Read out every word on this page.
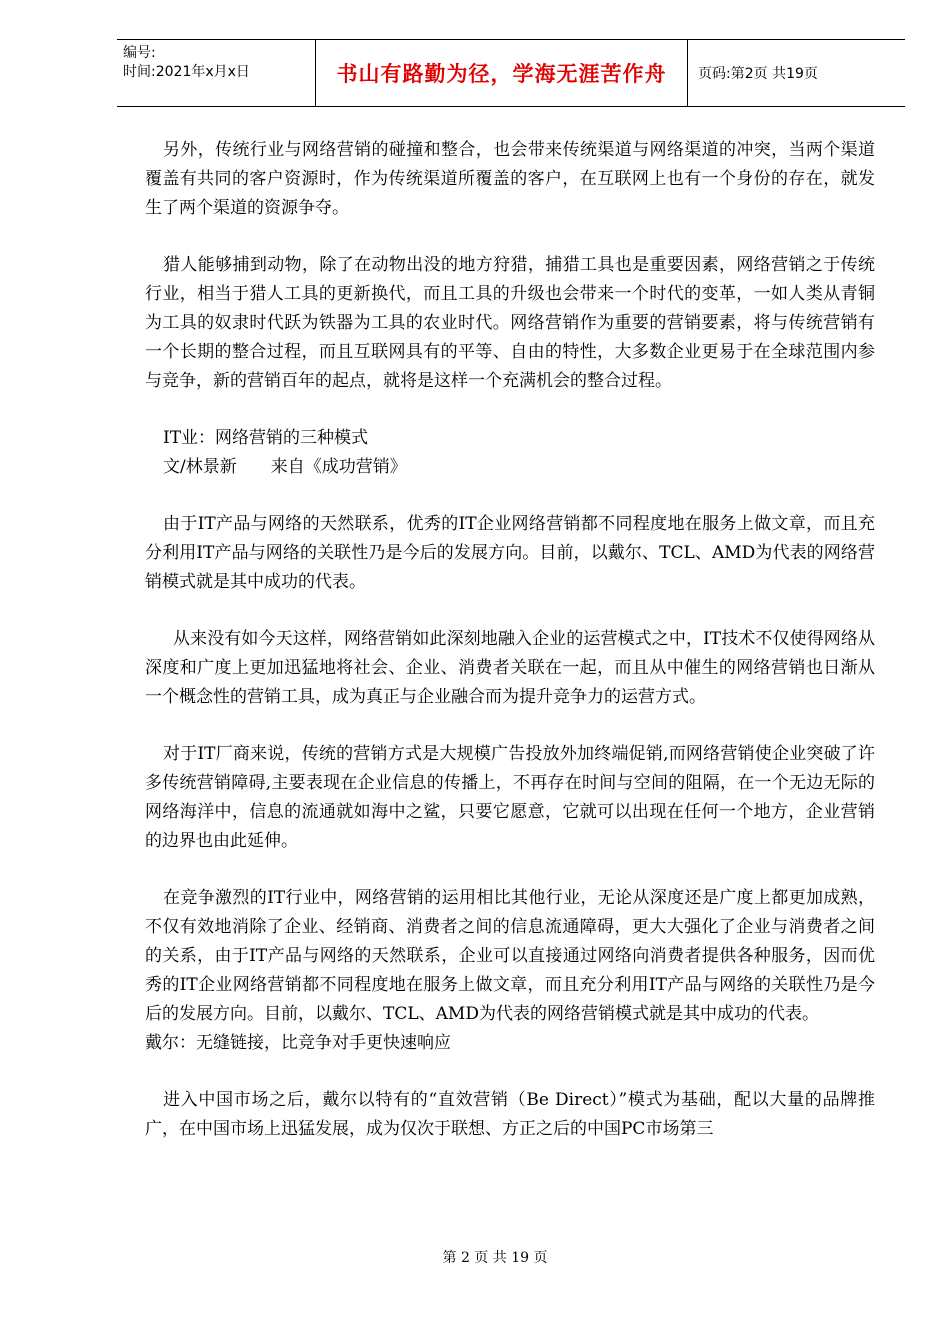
编号:
时间:2021年x月x日	书山有路勤为径，学海无涯苦作舟	页码:第2页 共19页

另外，传统行业与网络营销的碰撞和整合，也会带来传统渠道与网络渠道的冲突，当两个渠道覆盖有共同的客户资源时，作为传统渠道所覆盖的客户，在互联网上也有一个身份的存在，就发生了两个渠道的资源争夺。

猎人能够捕到动物，除了在动物出没的地方狩猎，捕猎工具也是重要因素，网络营销之于传统行业，相当于猎人工具的更新换代，而且工具的升级也会带来一个时代的变革，一如人类从青铜为工具的奴隶时代跃为铁器为工具的农业时代。网络营销作为重要的营销要素，将与传统营销有一个长期的整合过程，而且互联网具有的平等、自由的特性，大多数企业更易于在全球范围内参与竞争，新的营销百年的起点，就将是这样一个充满机会的整合过程。

IT业：网络营销的三种模式

文/林景新　　来自《成功营销》

由于IT产品与网络的天然联系，优秀的IT企业网络营销都不同程度地在服务上做文章，而且充分利用IT产品与网络的关联性乃是今后的发展方向。目前，以戴尔、TCL、AMD为代表的网络营销模式就是其中成功的代表。

从来没有如今天这样，网络营销如此深刻地融入企业的运营模式之中，IT技术不仅使得网络从深度和广度上更加迅猛地将社会、企业、消费者关联在一起，而且从中催生的网络营销也日渐从一个概念性的营销工具，成为真正与企业融合而为提升竞争力的运营方式。

对于IT厂商来说，传统的营销方式是大规模广告投放外加终端促销,而网络营销使企业突破了许多传统营销障碍,主要表现在企业信息的传播上，不再存在时间与空间的阻隔，在一个无边无际的网络海洋中，信息的流通就如海中之鲨，只要它愿意，它就可以出现在任何一个地方，企业营销的边界也由此延伸。

在竞争激烈的IT行业中，网络营销的运用相比其他行业，无论从深度还是广度上都更加成熟，不仅有效地消除了企业、经销商、消费者之间的信息流通障碍，更大大强化了企业与消费者之间的关系，由于IT产品与网络的天然联系，企业可以直接通过网络向消费者提供各种服务，因而优秀的IT企业网络营销都不同程度地在服务上做文章，而且充分利用IT产品与网络的关联性乃是今后的发展方向。目前，以戴尔、TCL、AMD为代表的网络营销模式就是其中成功的代表。

戴尔：无缝链接，比竞争对手更快速响应

进入中国市场之后，戴尔以特有的“直效营销（Be Direct）”模式为基础，配以大量的品牌推广，在中国市场上迅猛发展，成为仅次于联想、方正之后的中国PC市场第三

第 2 页 共 19 页
